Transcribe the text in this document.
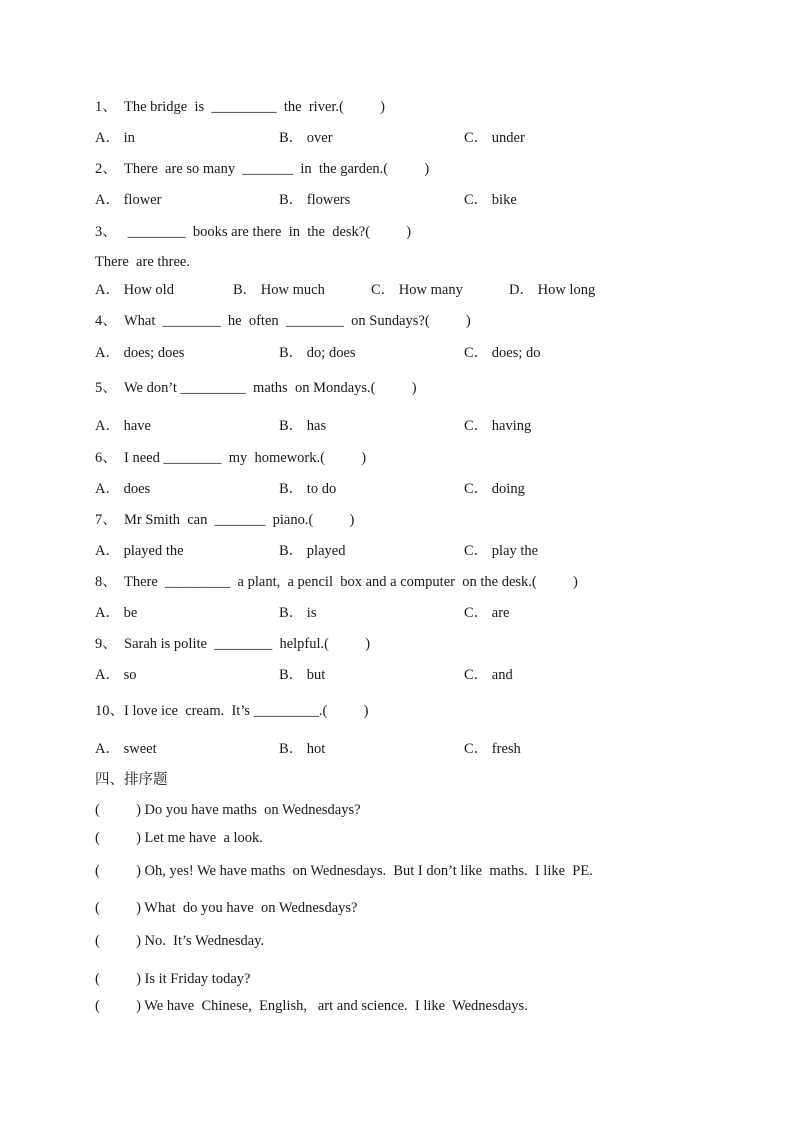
1、  The bridge  is  _________  the  river.(          )
A． in	B． over	C． under
2、  There  are so many  _______  in  the garden.(          )
A． flower	B． flowers	C． bike
3、   ________  books are there  in  the  desk?(          )
There  are three.
A． How old	B． How much	C． How many	D． How long
4、  What  ________  he  often  ________  on Sundays?(          )
A． does; does	B． do; does	C． does; do
5、  We don’t _________  maths  on Mondays.(          )
A． have	B． has	C． having
6、  I need ________  my  homework.(          )
A． does	B． to do	C． doing
7、  Mr Smith  can  _______  piano.(          )
A． played the	B． played	C． play the
8、  There  _________  a plant,  a pencil  box and a computer  on the desk.(          )
A． be	B． is	C． are
9、  Sarah is polite  ________  helpful.(          )
A． so	B． but	C． and
10、I love ice  cream.  It’s _________.(          )
A． sweet	B． hot	C． fresh
四、排序题
(          ) Do you have maths  on Wednesdays?
(          ) Let me have  a look.
(          ) Oh, yes! We have maths  on Wednesdays.  But I don’t like  maths.  I like  PE.
(          ) What  do you have  on Wednesdays?
(          ) No.  It’s Wednesday.
(          ) Is it Friday today?
(          ) We have  Chinese,  English,   art and science.  I like  Wednesdays.
